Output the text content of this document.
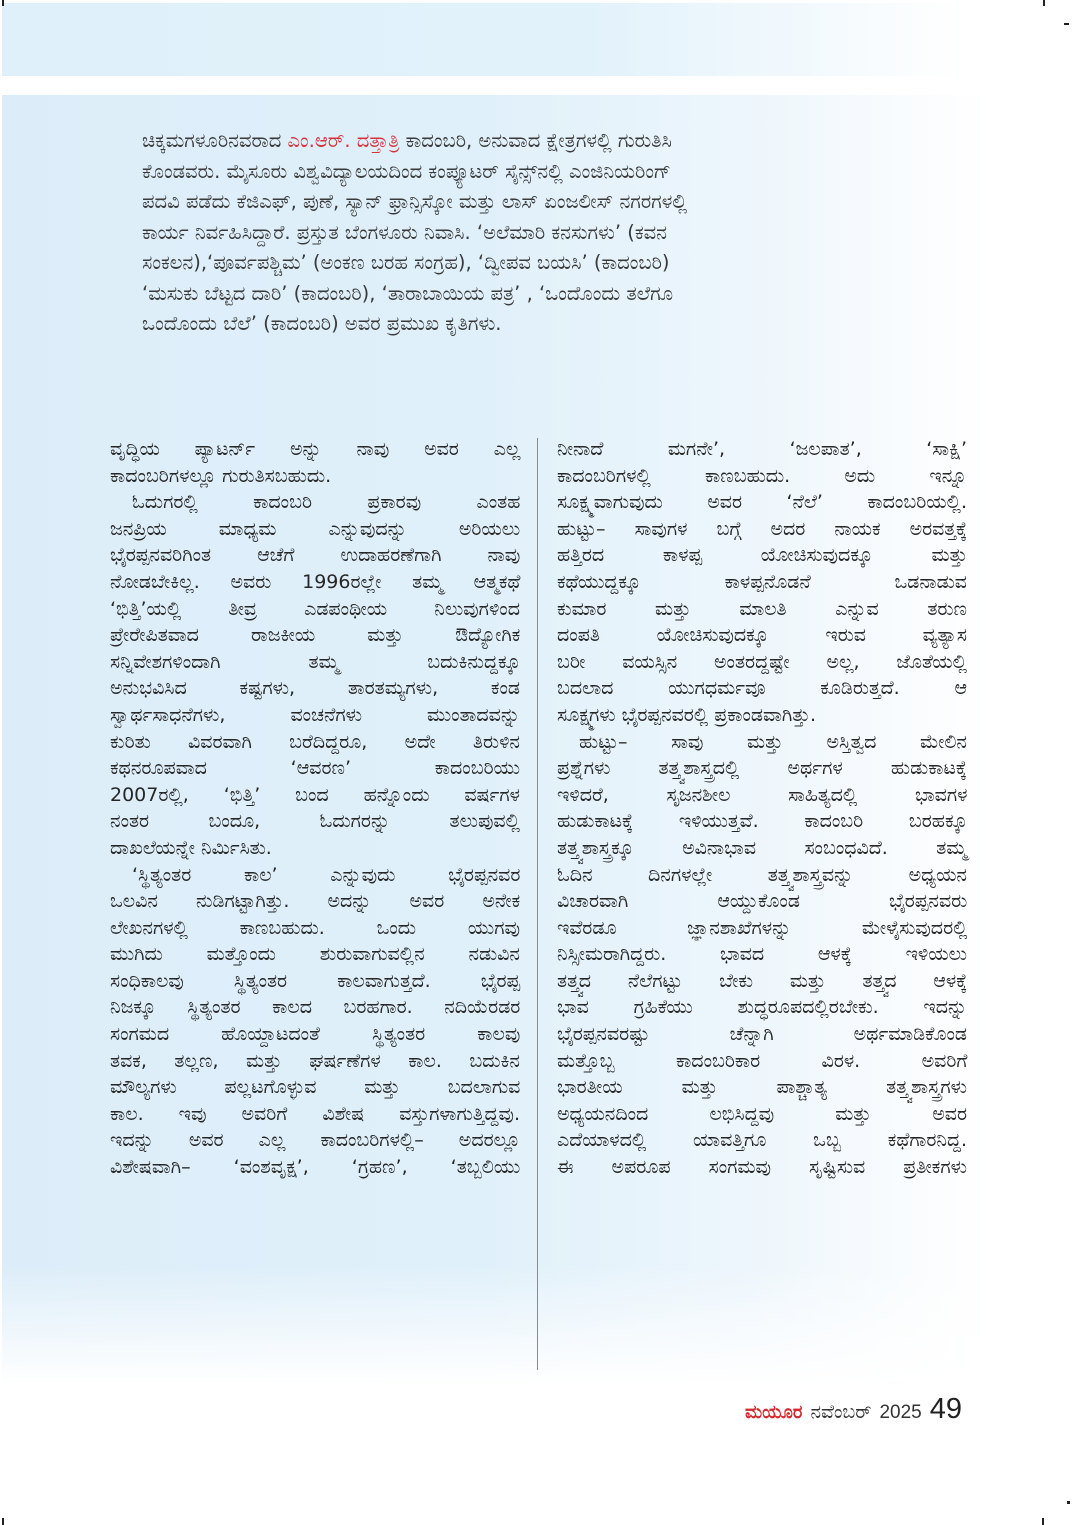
ಚಿಕ್ಕಮಗಳೂರಿನವರಾದ ಎಂ.ಆರ್. ದತ್ತಾತ್ರಿ ಕಾದಂಬರಿ, ಅನುವಾದ ಕ್ಷೇತ್ರಗಳಲ್ಲಿ ಗುರುತಿಸಿ
ಕೊಂಡವರು. ಮೈಸೂರು ವಿಶ್ವವಿದ್ಯಾಲಯದಿಂದ ಕಂಪ್ಯೂಟರ್ ಸೈನ್ಸ್‌ನಲ್ಲಿ ಎಂಜಿನಿಯರಿಂಗ್
ಪದವಿ ಪಡೆದು ಕೆಜಿಎಫ್, ಪುಣೆ, ಸ್ಯಾನ್ ಫ್ರಾನ್ಸಿಸ್ಕೋ ಮತ್ತು ಲಾಸ್ ಏಂಜಲೀಸ್ ನಗರಗಳಲ್ಲಿ
ಕಾರ್ಯ ನಿರ್ವಹಿಸಿದ್ದಾರೆ. ಪ್ರಸ್ತುತ ಬೆಂಗಳೂರು ನಿವಾಸಿ. ‘ಅಲೆಮಾರಿ ಕನಸುಗಳು’ (ಕವನ
ಸಂಕಲನ),‘ಪೂರ್ವಪಶ್ಚಿಮ’ (ಅಂಕಣ ಬರಹ ಸಂಗ್ರಹ), ‘ದ್ವೀಪವ ಬಯಸಿ’ (ಕಾದಂಬರಿ)
‘ಮಸುಕು ಬೆಟ್ಟದ ದಾರಿ’ (ಕಾದಂಬರಿ), ‘ತಾರಾಬಾಯಿಯ ಪತ್ರ’ , ‘ಒಂದೊಂದು ತಲೆಗೂ
ಒಂದೊಂದು ಬೆಲೆ’ (ಕಾದಂಬರಿ) ಅವರ ಪ್ರಮುಖ ಕೃತಿಗಳು.
ವೃದ್ಧಿಯ ಪ್ಯಾಟರ್ನ್ ಅನ್ನು ನಾವು ಅವರ ಎಲ್ಲ
ಕಾದಂಬರಿಗಳಲ್ಲೂ ಗುರುತಿಸಬಹುದು.
ಓದುಗರಲ್ಲಿ ಕಾದಂಬರಿ ಪ್ರಕಾರವು ಎಂತಹ
ಜನಪ್ರಿಯ ಮಾಧ್ಯಮ ಎನ್ನುವುದನ್ನು ಅರಿಯಲು
ಭೈರಪ್ಪನವರಿಗಿಂತ ಆಚೆಗೆ ಉದಾಹರಣೆಗಾಗಿ ನಾವು
ನೋಡಬೇಕಿಲ್ಲ. ಅವರು 1996ರಲ್ಲೇ ತಮ್ಮ ಆತ್ಮಕಥೆ
‘ಭಿತ್ತಿ’ಯಲ್ಲಿ ತೀವ್ರ ಎಡಪಂಥೀಯ ನಿಲುವುಗಳಿಂದ
ಪ್ರೇರೇಪಿತವಾದ ರಾಜಕೀಯ ಮತ್ತು ಔದ್ಯೋಗಿಕ
ಸನ್ನಿವೇಶಗಳಿಂದಾಗಿ ತಮ್ಮ ಬದುಕಿನುದ್ದಕ್ಕೂ
ಅನುಭವಿಸಿದ ಕಷ್ಟಗಳು, ತಾರತಮ್ಯಗಳು, ಕಂಡ
ಸ್ವಾರ್ಥಸಾಧನೆಗಳು, ವಂಚನೆಗಳು ಮುಂತಾದವನ್ನು
ಕುರಿತು ವಿವರವಾಗಿ ಬರೆದಿದ್ದರೂ, ಅದೇ ತಿರುಳಿನ
ಕಥನರೂಪವಾದ ‘ಆವರಣ’ ಕಾದಂಬರಿಯು
2007ರಲ್ಲಿ, ‘ಭಿತ್ತಿ’ ಬಂದ ಹನ್ನೊಂದು ವರ್ಷಗಳ
ನಂತರ ಬಂದೂ, ಓದುಗರನ್ನು ತಲುಪುವಲ್ಲಿ
ದಾಖಲೆಯನ್ನೇ ನಿರ್ಮಿಸಿತು.
‘ಸ್ಥಿತ್ಯಂತರ ಕಾಲ’ ಎನ್ನುವುದು ಭೈರಪ್ಪನವರ
ಒಲವಿನ ನುಡಿಗಟ್ಟಾಗಿತ್ತು. ಅದನ್ನು ಅವರ ಅನೇಕ
ಲೇಖನಗಳಲ್ಲಿ ಕಾಣಬಹುದು. ಒಂದು ಯುಗವು
ಮುಗಿದು ಮತ್ತೊಂದು ಶುರುವಾಗುವಲ್ಲಿನ ನಡುವಿನ
ಸಂಧಿಕಾಲವು ಸ್ಥಿತ್ಯಂತರ ಕಾಲವಾಗುತ್ತದೆ. ಭೈರಪ್ಪ
ನಿಜಕ್ಕೂ ಸ್ಥಿತ್ಯಂತರ ಕಾಲದ ಬರಹಗಾರ. ನದಿಯೆರಡರ
ಸಂಗಮದ ಹೊಯ್ದಾಟದಂತೆ ಸ್ಥಿತ್ಯಂತರ ಕಾಲವು
ತವಕ, ತಲ್ಲಣ, ಮತ್ತು ಘರ್ಷಣೆಗಳ ಕಾಲ. ಬದುಕಿನ
ಮೌಲ್ಯಗಳು ಪಲ್ಲಟಗೊಳ್ಳುವ ಮತ್ತು ಬದಲಾಗುವ
ಕಾಲ. ಇವು ಅವರಿಗೆ ವಿಶೇಷ ವಸ್ತುಗಳಾಗುತ್ತಿದ್ದವು.
ಇದನ್ನು ಅವರ ಎಲ್ಲ ಕಾದಂಬರಿಗಳಲ್ಲಿ– ಅದರಲ್ಲೂ
ವಿಶೇಷವಾಗಿ– ‘ವಂಶವೃಕ್ಷ’, ‘ಗ್ರಹಣ’, ‘ತಬ್ಬಲಿಯು
ನೀನಾದೆ ಮಗನೇ’, ‘ಜಲಪಾತ’, ‘ಸಾಕ್ಷಿ’
ಕಾದಂಬರಿಗಳಲ್ಲಿ ಕಾಣಬಹುದು. ಅದು ಇನ್ನೂ
ಸೂಕ್ಷ್ಮವಾಗುವುದು ಅವರ ‘ನೆಲೆ’ ಕಾದಂಬರಿಯಲ್ಲಿ.
ಹುಟ್ಟು– ಸಾವುಗಳ ಬಗ್ಗೆ ಅದರ ನಾಯಕ ಅರವತ್ತಕ್ಕೆ
ಹತ್ತಿರದ ಕಾಳಪ್ಪ ಯೋಚಿಸುವುದಕ್ಕೂ ಮತ್ತು
ಕಥೆಯುದ್ದಕ್ಕೂ ಕಾಳಪ್ಪನೊಡನೆ ಒಡನಾಡುವ
ಕುಮಾರ ಮತ್ತು ಮಾಲತಿ ಎನ್ನುವ ತರುಣ
ದಂಪತಿ ಯೋಚಿಸುವುದಕ್ಕೂ ಇರುವ ವ್ಯತ್ಯಾಸ
ಬರೀ ವಯಸ್ಸಿನ ಅಂತರದ್ದಷ್ಟೇ ಅಲ್ಲ, ಜೊತೆಯಲ್ಲಿ
ಬದಲಾದ ಯುಗಧರ್ಮವೂ ಕೂಡಿರುತ್ತದೆ. ಆ
ಸೂಕ್ಷ್ಮಗಳು ಭೈರಪ್ಪನವರಲ್ಲಿ ಪ್ರಕಾಂಡವಾಗಿತ್ತು.
ಹುಟ್ಟು– ಸಾವು ಮತ್ತು ಅಸ್ತಿತ್ವದ ಮೇಲಿನ
ಪ್ರಶ್ನೆಗಳು ತತ್ತ್ವಶಾಸ್ತ್ರದಲ್ಲಿ ಅರ್ಥಗಳ ಹುಡುಕಾಟಕ್ಕೆ
ಇಳಿದರೆ, ಸೃಜನಶೀಲ ಸಾಹಿತ್ಯದಲ್ಲಿ ಭಾವಗಳ
ಹುಡುಕಾಟಕ್ಕೆ ಇಳಿಯುತ್ತವೆ. ಕಾದಂಬರಿ ಬರಹಕ್ಕೂ
ತತ್ತ್ವಶಾಸ್ತ್ರಕ್ಕೂ ಅವಿನಾಭಾವ ಸಂಬಂಧವಿದೆ. ತಮ್ಮ
ಓದಿನ ದಿನಗಳಲ್ಲೇ ತತ್ತ್ವಶಾಸ್ತ್ರವನ್ನು ಅಧ್ಯಯನ
ವಿಚಾರವಾಗಿ ಆಯ್ದುಕೊಂಡ ಭೈರಪ್ಪನವರು
ಇವೆರಡೂ ಜ್ಞಾನಶಾಖೆಗಳನ್ನು ಮೇಳೈಸುವುದರಲ್ಲಿ
ನಿಸ್ಸೀಮರಾಗಿದ್ದರು. ಭಾವದ ಆಳಕ್ಕೆ ಇಳಿಯಲು
ತತ್ತ್ವದ ನೆಲೆಗಟ್ಟು ಬೇಕು ಮತ್ತು ತತ್ತ್ವದ ಆಳಕ್ಕೆ
ಭಾವ ಗ್ರಹಿಕೆಯು ಶುದ್ಧರೂಪದಲ್ಲಿರಬೇಕು. ಇದನ್ನು
ಭೈರಪ್ಪನವರಷ್ಟು ಚೆನ್ನಾಗಿ ಅರ್ಥಮಾಡಿಕೊಂಡ
ಮತ್ತೊಬ್ಬ ಕಾದಂಬರಿಕಾರ ವಿರಳ. ಅವರಿಗೆ
ಭಾರತೀಯ ಮತ್ತು ಪಾಶ್ಚಾತ್ಯ ತತ್ತ್ವಶಾಸ್ತ್ರಗಳು
ಅಧ್ಯಯನದಿಂದ ಲಭಿಸಿದ್ದವು ಮತ್ತು ಅವರ
ಎದೆಯಾಳದಲ್ಲಿ ಯಾವತ್ತಿಗೂ ಒಬ್ಬ ಕಥೆಗಾರನಿದ್ದ.
ಈ ಅಪರೂಪ ಸಂಗಮವು ಸೃಷ್ಟಿಸುವ ಪ್ರತೀಕಗಳು
ಮಯೂರ ನವೆಂಬರ್ 2025 49
